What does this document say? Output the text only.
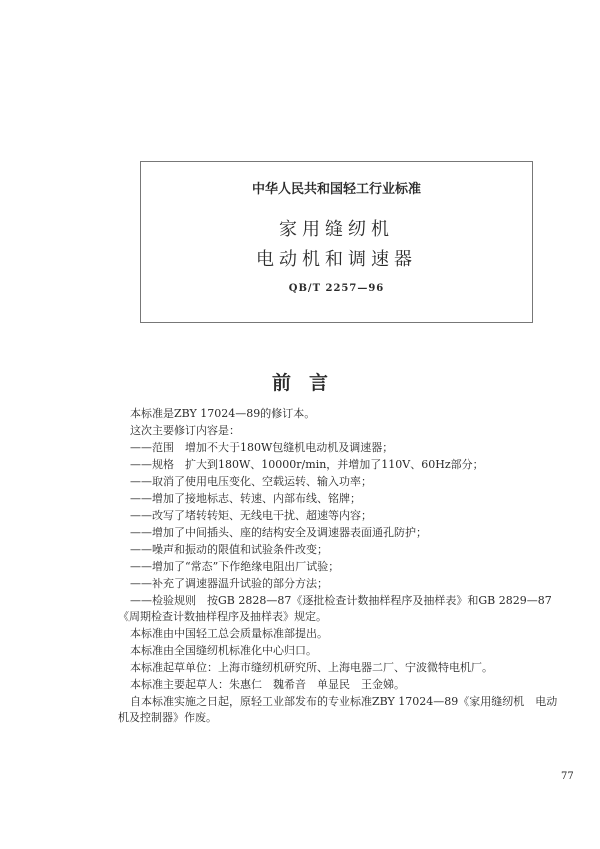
中华人民共和国轻工行业标准
家用缝纫机
电动机和调速器
QB/T 2257—96
前言
本标准是ZBY 17024—89的修订本。
这次主要修订内容是：
——范围　增加不大于180W包缝机电动机及调速器；
——规格　扩大到180W、10000r/min，并增加了110V、60Hz部分；
——取消了使用电压变化、空载运转、输入功率；
——增加了接地标志、转速、内部布线、铭牌；
——改写了堵转转矩、无线电干扰、超速等内容；
——增加了中间插头、座的结构安全及调速器表面通孔防护；
——噪声和振动的限值和试验条件改变；
——增加了“常态”下作绝缘电阻出厂试验；
——补充了调速器温升试验的部分方法；
——检验规则　按GB 2828—87《逐批检查计数抽样程序及抽样表》和GB 2829—87
《周期检查计数抽样程序及抽样表》规定。
本标准由中国轻工总会质量标准部提出。
本标准由全国缝纫机标准化中心归口。
本标准起草单位：上海市缝纫机研究所、上海电器二厂、宁波微特电机厂。
本标准主要起草人：朱惠仁　魏希音　单显民　王金娣。
自本标准实施之日起，原轻工业部发布的专业标准ZBY 17024—89《家用缝纫机　电动
机及控制器》作废。
77
